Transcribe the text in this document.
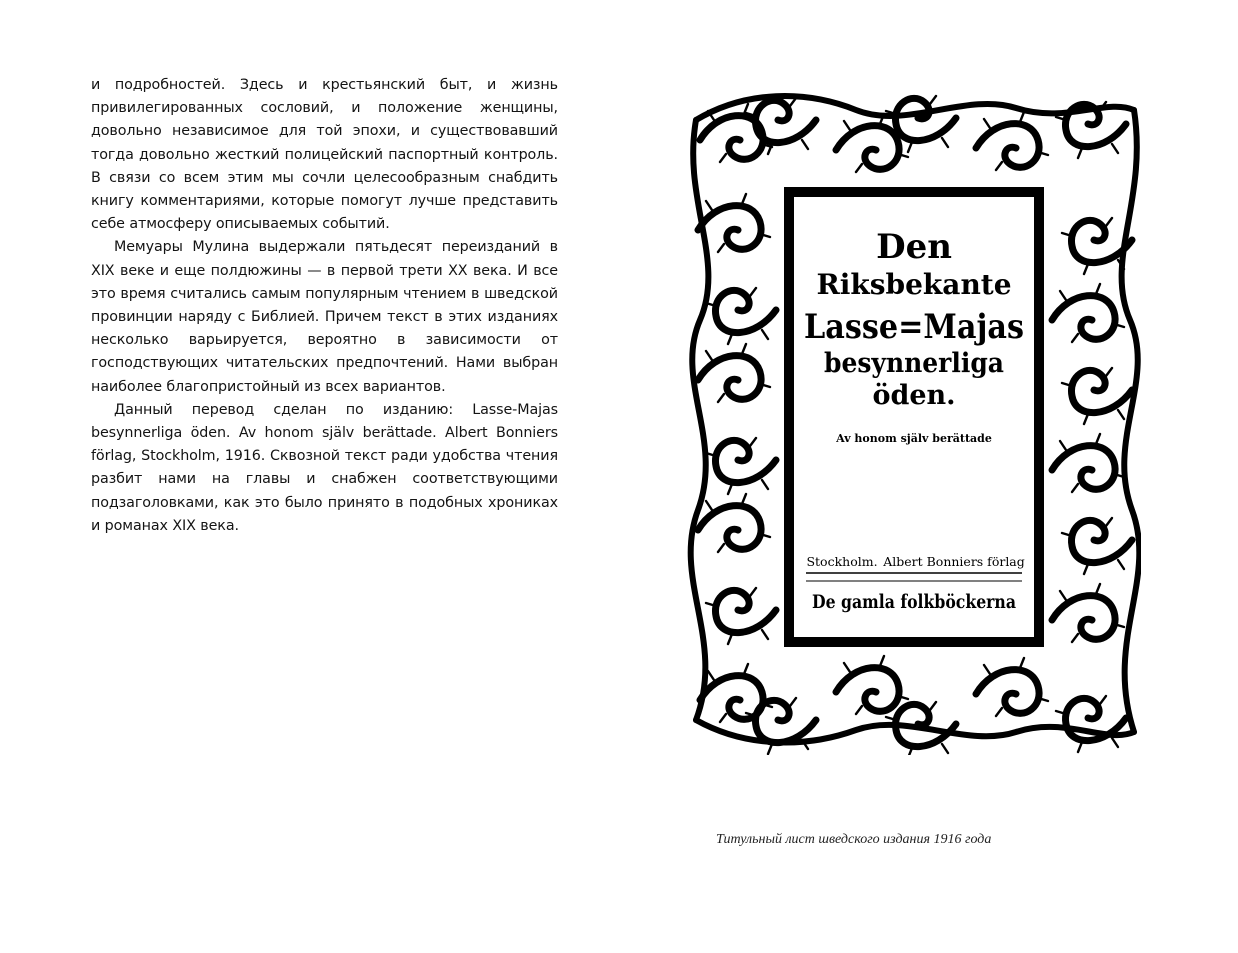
и подробностей. Здесь и крестьянский быт, и жизнь привилегированных сословий, и положение женщины, довольно независимое для той эпохи, и существовавший тогда довольно жесткий полицейский паспортный контроль. В связи со всем этим мы сочли целесообразным снабдить книгу комментариями, которые помогут лучше представить себе атмосферу описываемых событий.

Мемуары Мулина выдержали пятьдесят переизданий в XIX веке и еще полдюжины — в первой трети XX века. И все это время считались самым популярным чтением в шведской провинции наряду с Библией. Причем текст в этих изданиях несколько варьируется, вероятно в зависимости от господствующих читательских предпочтений. Нами выбран наиболее благопристойный из всех вариантов.

Данный перевод сделан по изданию: Lasse-Majas besynnerliga öden. Av honom själv berättade. Albert Bonniers förlag, Stockholm, 1916. Сквозной текст ради удобства чтения разбит нами на главы и снабжен соответствующими подзаголовками, как это было принято в подобных хрониках и романах XIX века.

Den
Riksbekante
Lasse=Majas
besynnerliga
öden.
Av honom själv berättade
Stockholm. Albert Bonniers förlag
De gamla folkböckerna
Титульный лист шведского издания 1916 года
